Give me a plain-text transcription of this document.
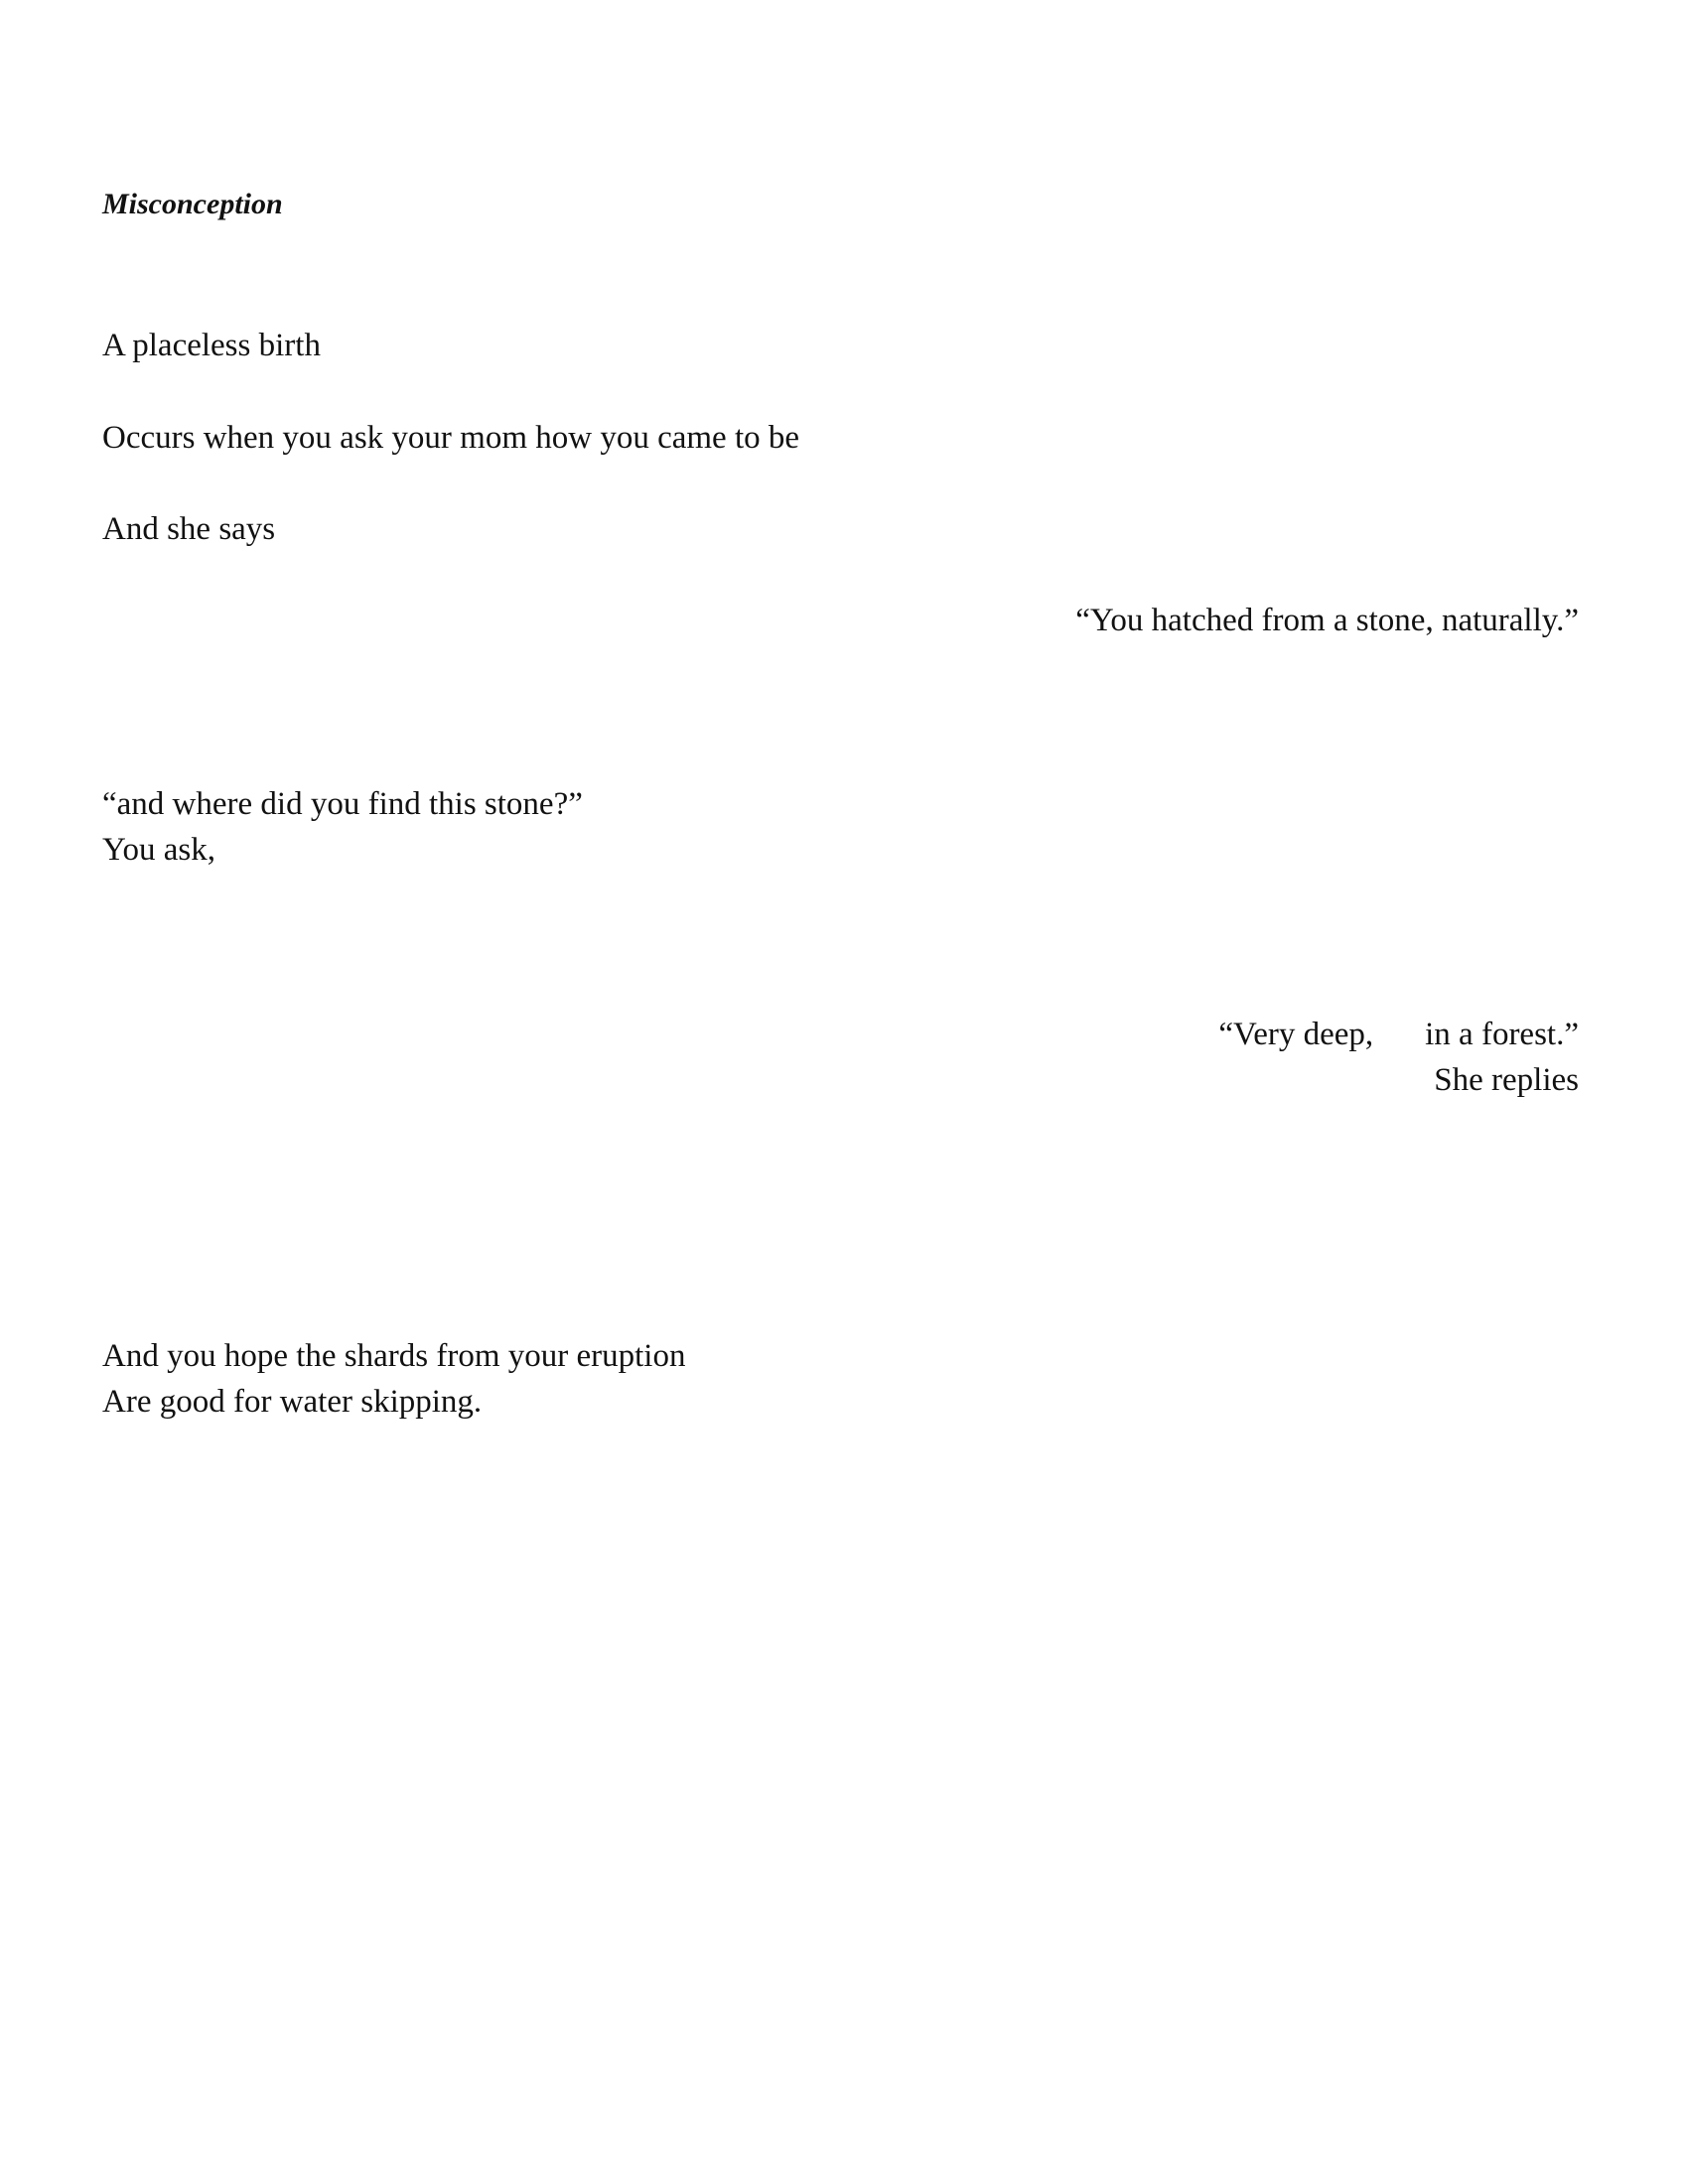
Misconception

A placeless birth

Occurs when you ask your mom how you came to be

And she says

“You hatched from a stone, naturally.”

“and where did you find this stone?”

You ask,

“Very deep, in a forest.”

She replies

And you hope the shards from your eruption

Are good for water skipping.
